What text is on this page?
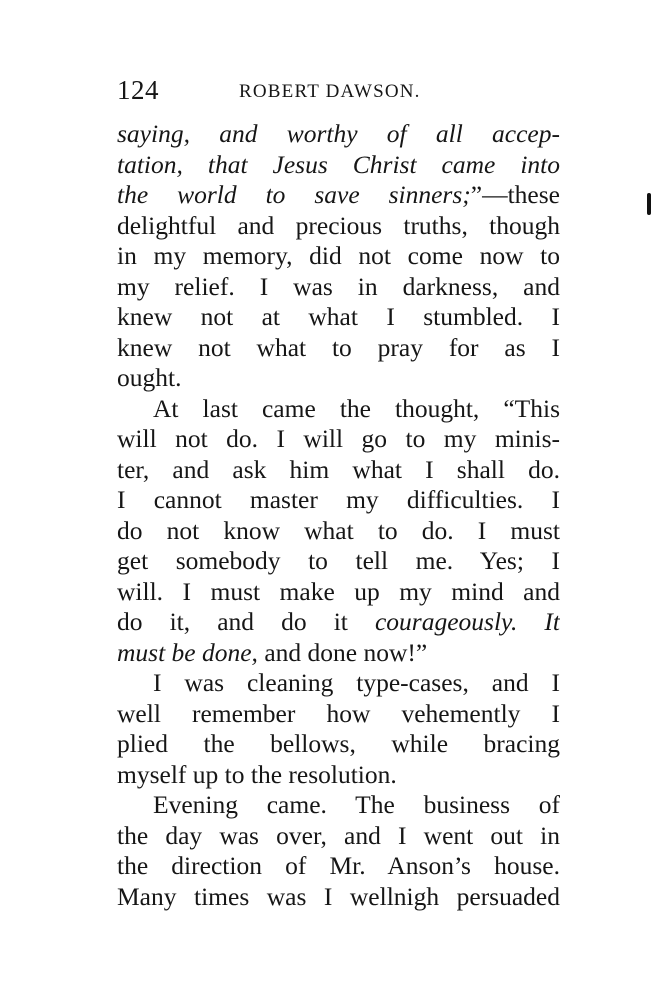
124	ROBERT DAWSON.
saying, and worthy of all accep-
tation, that Jesus Christ came into
the world to save sinners;”—these
delightful and precious truths, though
in my memory, did not come now to
my relief. I was in darkness, and
knew not at what I stumbled. I
knew not what to pray for as I
ought.
At last came the thought, “This
will not do. I will go to my minis-
ter, and ask him what I shall do.
I cannot master my difficulties. I
do not know what to do. I must
get somebody to tell me. Yes; I
will. I must make up my mind and
do it, and do it courageously. It
must be done, and done now!”
I was cleaning type-cases, and I
well remember how vehemently I
plied the bellows, while bracing
myself up to the resolution.
Evening came. The business of
the day was over, and I went out in
the direction of Mr. Anson’s house.
Many times was I wellnigh persuaded
